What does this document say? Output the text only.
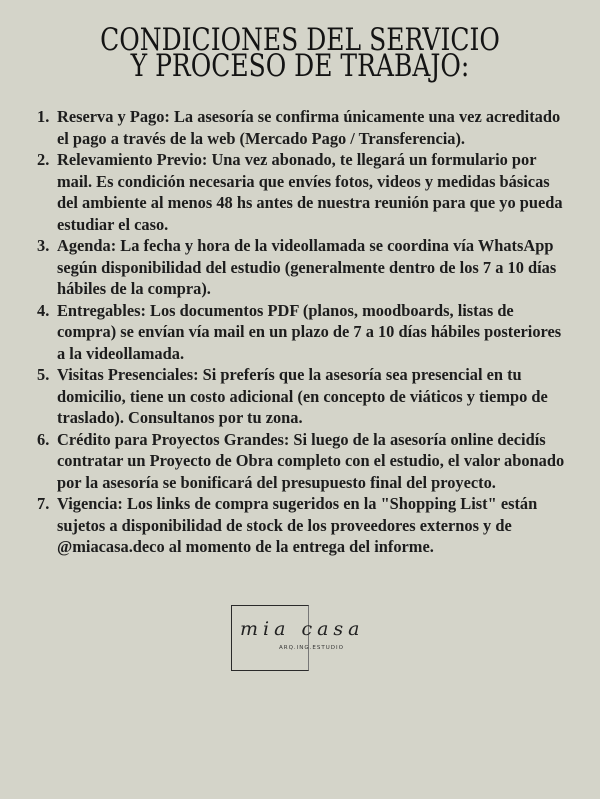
CONDICIONES DEL SERVICIO
Y PROCESO DE TRABAJO:
1. Reserva y Pago: La asesoría se confirma únicamente una vez acreditado el pago a través de la web (Mercado Pago / Transferencia).
2. Relevamiento Previo: Una vez abonado, te llegará un formulario por mail. Es condición necesaria que envíes fotos, videos y medidas básicas del ambiente al menos 48 hs antes de nuestra reunión para que yo pueda estudiar el caso.
3. Agenda: La fecha y hora de la videollamada se coordina vía WhatsApp según disponibilidad del estudio (generalmente dentro de los 7 a 10 días hábiles de la compra).
4. Entregables: Los documentos PDF (planos, moodboards, listas de compra) se envían vía mail en un plazo de 7 a 10 días hábiles posteriores a la videollamada.
5. Visitas Presenciales: Si preferís que la asesoría sea presencial en tu domicilio, tiene un costo adicional (en concepto de viáticos y tiempo de traslado). Consultanos por tu zona.
6. Crédito para Proyectos Grandes: Si luego de la asesoría online decidís contratar un Proyecto de Obra completo con el estudio, el valor abonado por la asesoría se bonificará del presupuesto final del proyecto.
7. Vigencia: Los links de compra sugeridos en la "Shopping List" están sujetos a disponibilidad de stock de los proveedores externos y de @miacasa.deco al momento de la entrega del informe.
mia casa
ARQ.ING.ESTUDIO
